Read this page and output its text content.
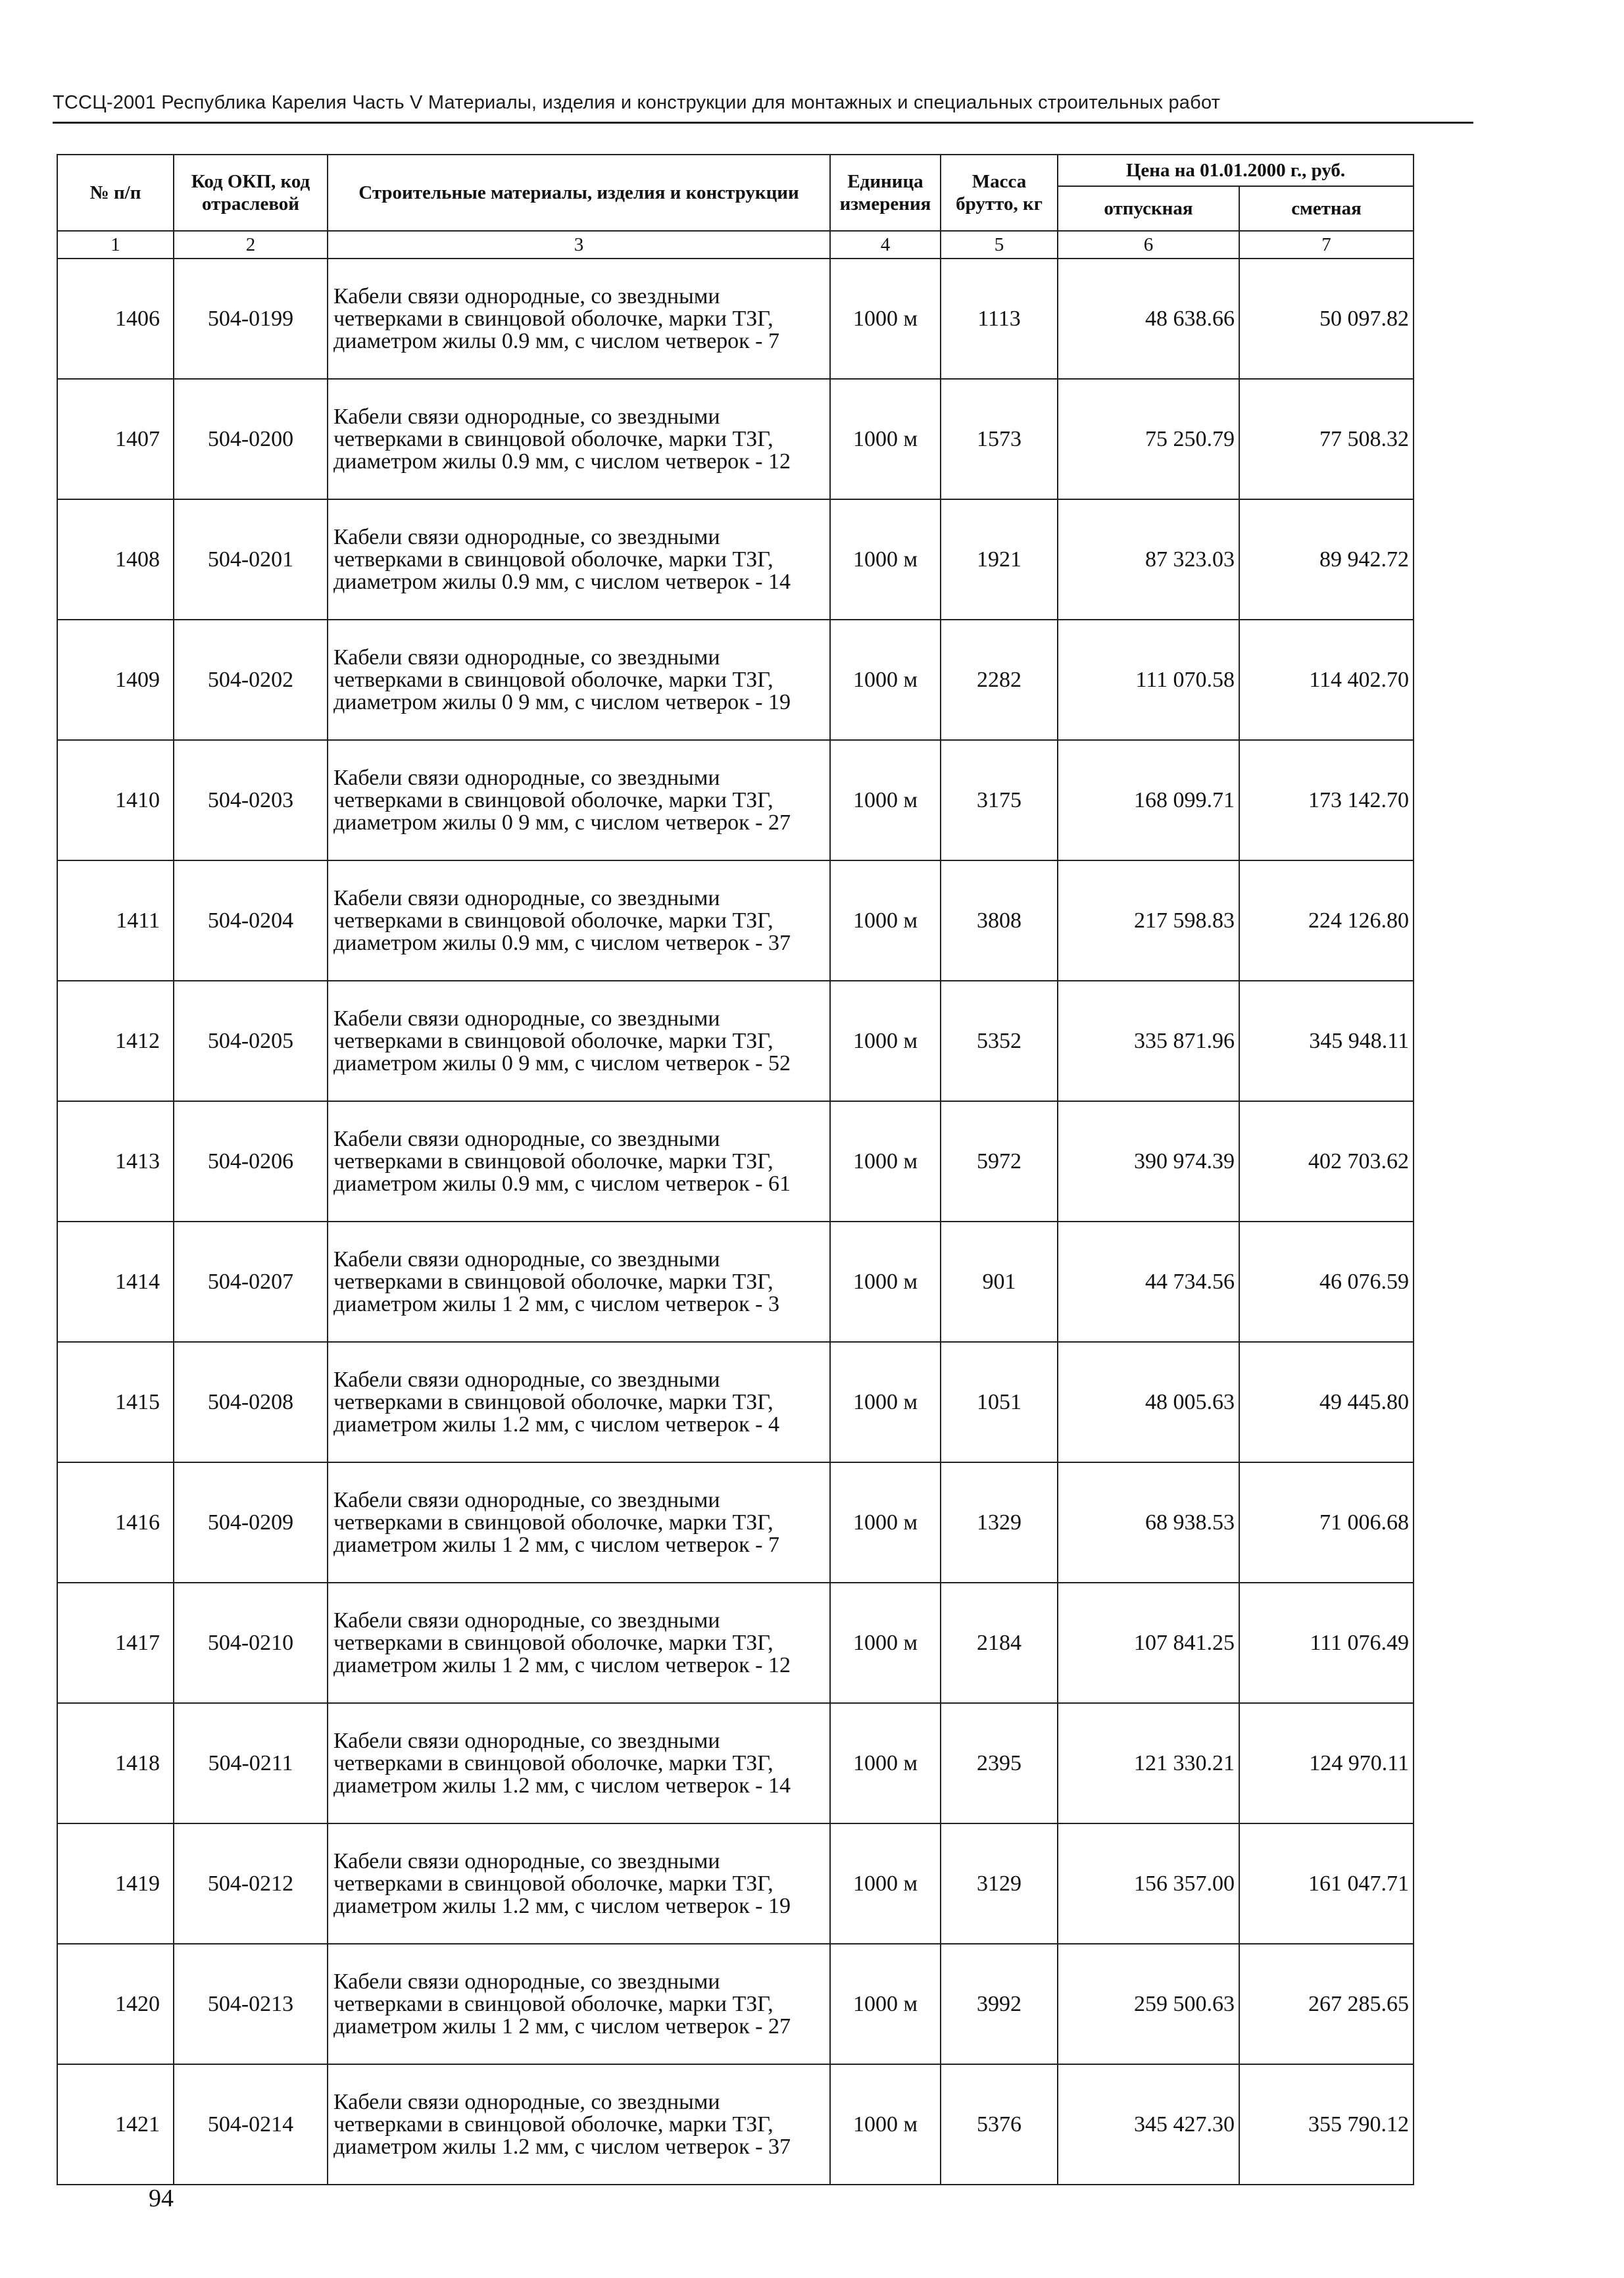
ТССЦ-2001 Республика Карелия Часть V Материалы, изделия и конструкции для монтажных и специальных строительных работ
№ п/п	Код ОКП, код отраслевой	Строительные материалы, изделия и конструкции	Единица измерения	Масса брутто, кг	Цена на 01.01.2000 г., руб.	
					отпускная	сметная
1	2	3	4	5	6	7
1406	504-0199	Кабели связи однородные, со звездными четверками в свинцовой оболочке, марки ТЗГ, диаметром жилы 0.9 мм, с числом четверок - 7	1000 м	1113	48 638.66	50 097.82
1407	504-0200	Кабели связи однородные, со звездными четверками в свинцовой оболочке, марки ТЗГ, диаметром жилы 0.9 мм, с числом четверок - 12	1000 м	1573	75 250.79	77 508.32
1408	504-0201	Кабели связи однородные, со звездными четверками в свинцовой оболочке, марки ТЗГ, диаметром жилы 0.9 мм, с числом четверок - 14	1000 м	1921	87 323.03	89 942.72
1409	504-0202	Кабели связи однородные, со звездными четверками в свинцовой оболочке, марки ТЗГ, диаметром жилы 0 9 мм, с числом четверок - 19	1000 м	2282	111 070.58	114 402.70
1410	504-0203	Кабели связи однородные, со звездными четверками в свинцовой оболочке, марки ТЗГ, диаметром жилы 0 9 мм, с числом четверок - 27	1000 м	3175	168 099.71	173 142.70
1411	504-0204	Кабели связи однородные, со звездными четверками в свинцовой оболочке, марки ТЗГ, диаметром жилы 0.9 мм, с числом четверок - 37	1000 м	3808	217 598.83	224 126.80
1412	504-0205	Кабели связи однородные, со звездными четверками в свинцовой оболочке, марки ТЗГ, диаметром жилы 0 9 мм, с числом четверок - 52	1000 м	5352	335 871.96	345 948.11
1413	504-0206	Кабели связи однородные, со звездными четверками в свинцовой оболочке, марки ТЗГ, диаметром жилы 0.9 мм, с числом четверок - 61	1000 м	5972	390 974.39	402 703.62
1414	504-0207	Кабели связи однородные, со звездными четверками в свинцовой оболочке, марки ТЗГ, диаметром жилы 1 2 мм, с числом четверок - 3	1000 м	901	44 734.56	46 076.59
1415	504-0208	Кабели связи однородные, со звездными четверками в свинцовой оболочке, марки ТЗГ, диаметром жилы 1.2 мм, с числом четверок - 4	1000 м	1051	48 005.63	49 445.80
1416	504-0209	Кабели связи однородные, со звездными четверками в свинцовой оболочке, марки ТЗГ, диаметром жилы 1 2 мм, с числом четверок - 7	1000 м	1329	68 938.53	71 006.68
1417	504-0210	Кабели связи однородные, со звездными четверками в свинцовой оболочке, марки ТЗГ, диаметром жилы 1 2 мм, с числом четверок - 12	1000 м	2184	107 841.25	111 076.49
1418	504-0211	Кабели связи однородные, со звездными четверками в свинцовой оболочке, марки ТЗГ, диаметром жилы 1.2 мм, с числом четверок - 14	1000 м	2395	121 330.21	124 970.11
1419	504-0212	Кабели связи однородные, со звездными четверками в свинцовой оболочке, марки ТЗГ, диаметром жилы 1.2 мм, с числом четверок - 19	1000 м	3129	156 357.00	161 047.71
1420	504-0213	Кабели связи однородные, со звездными четверками в свинцовой оболочке, марки ТЗГ, диаметром жилы 1 2 мм, с числом четверок - 27	1000 м	3992	259 500.63	267 285.65
1421	504-0214	Кабели связи однородные, со звездными четверками в свинцовой оболочке, марки ТЗГ, диаметром жилы 1.2 мм, с числом четверок - 37	1000 м	5376	345 427.30	355 790.12
94
